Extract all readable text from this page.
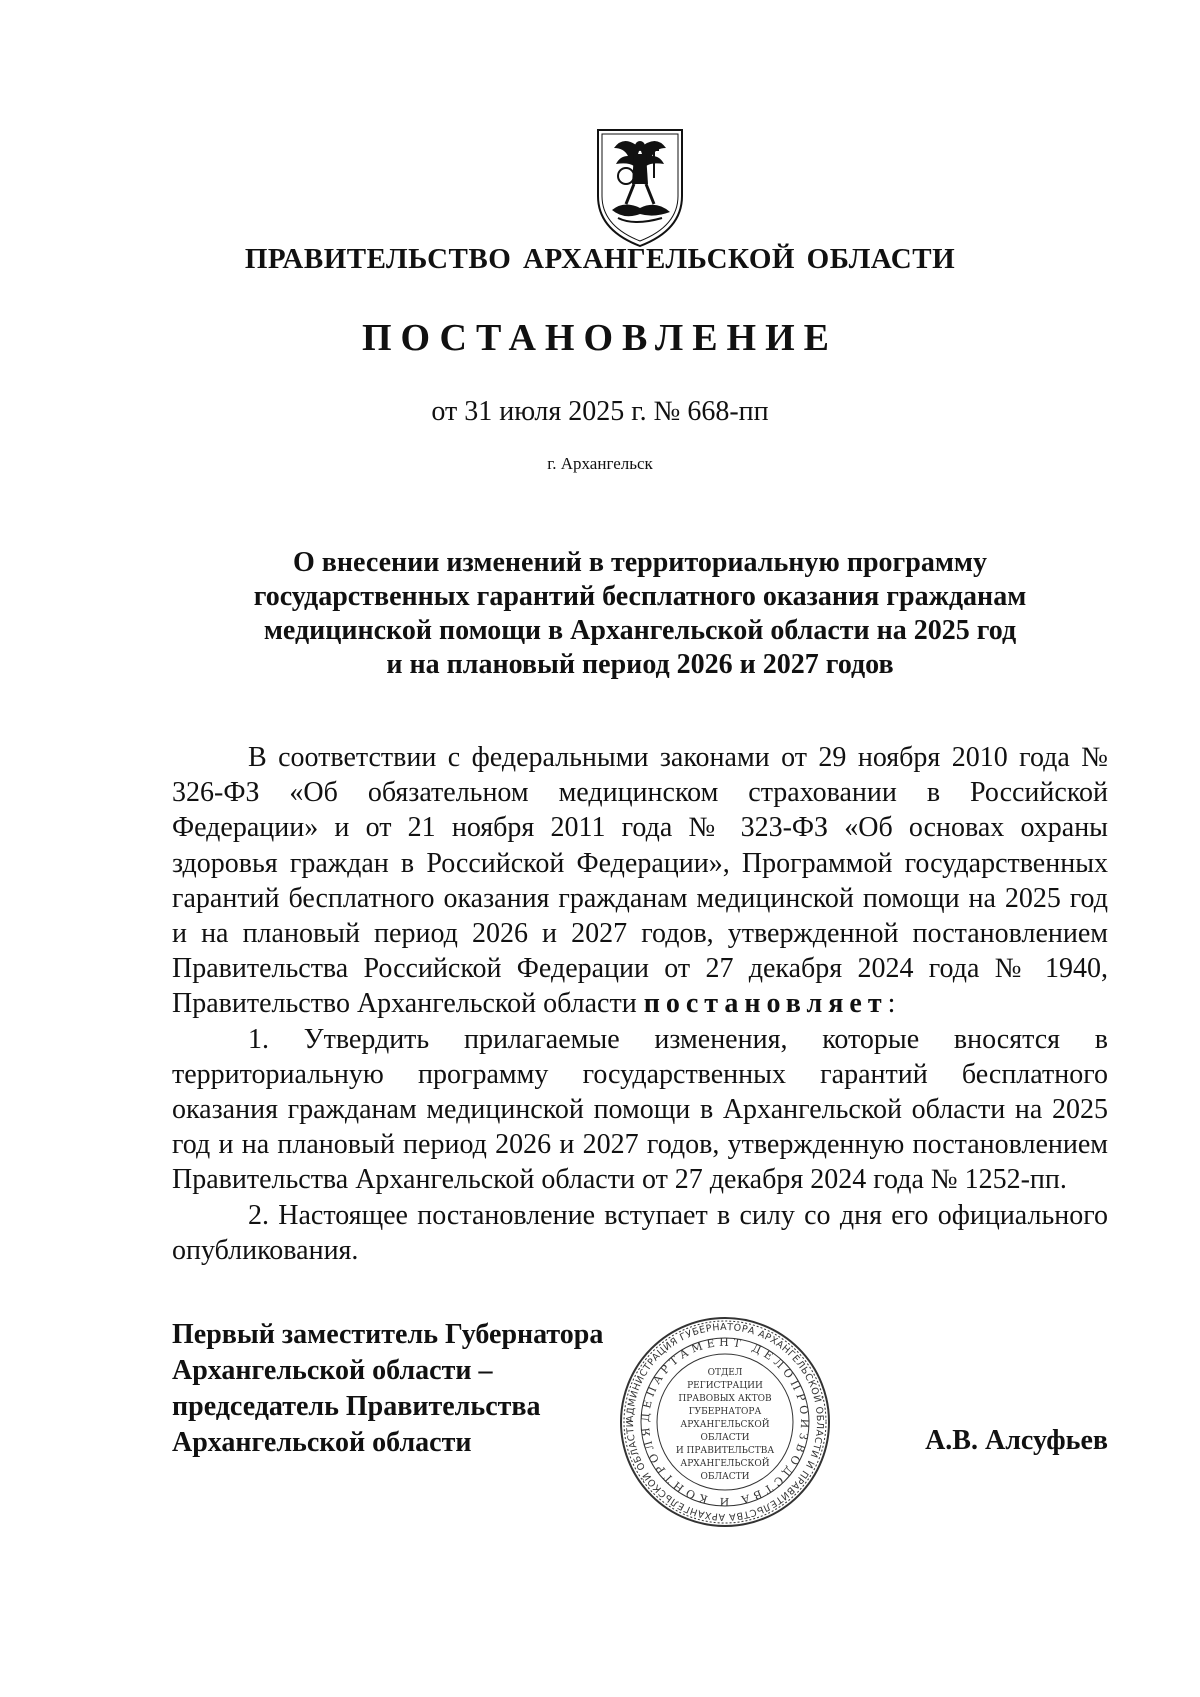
ПРАВИТЕЛЬСТВО АРХАНГЕЛЬСКОЙ ОБЛАСТИ
ПОСТАНОВЛЕНИЕ
от 31 июля 2025 г. № 668-пп
г. Архангельск
О внесении изменений в территориальную программу
государственных гарантий бесплатного оказания гражданам
медицинской помощи в Архангельской области на 2025 год
и на плановый период 2026 и 2027 годов

В соответствии с федеральными законами от 29 ноября 2010 года № 326-ФЗ «Об обязательном медицинском страховании в Российской Федерации» и от 21 ноября 2011 года № 323-ФЗ «Об основах охраны здоровья граждан в Российской Федерации», Программой государственных гарантий бесплатного оказания гражданам медицинской помощи на 2025 год и на плановый период 2026 и 2027 годов, утвержденной постановлением Правительства Российской Федерации от 27 декабря 2024 года № 1940, Правительство Архангельской области постановляет:

1. Утвердить прилагаемые изменения, которые вносятся в территориальную программу государственных гарантий бесплатного оказания гражданам медицинской помощи в Архангельской области на 2025 год и на плановый период 2026 и 2027 годов, утвержденную постановлением Правительства Архангельской области от 27 декабря 2024 года № 1252-пп.

2. Настоящее постановление вступает в силу со дня его официального опубликования.

Первый заместитель Губернатора
Архангельской области –
председатель Правительства
Архангельской области
АДМИНИСТРАЦИЯ ГУБЕРНАТОРА АРХАНГЕЛЬСКОЙ ОБЛАСТИ И ПРАВИТЕЛЬСТВА АРХАНГЕЛЬСКОЙ ОБЛАСТИ
ДЕПАРТАМЕНТ ДЕЛОПРОИЗВОДСТВА И КОНТРОЛЯ
ОТДЕЛ
РЕГИСТРАЦИИ
ПРАВОВЫХ АКТОВ
ГУБЕРНАТОРА
АРХАНГЕЛЬСКОЙ
ОБЛАСТИ
И ПРАВИТЕЛЬСТВА
АРХАНГЕЛЬСКОЙ
ОБЛАСТИ
А.В. Алсуфьев
